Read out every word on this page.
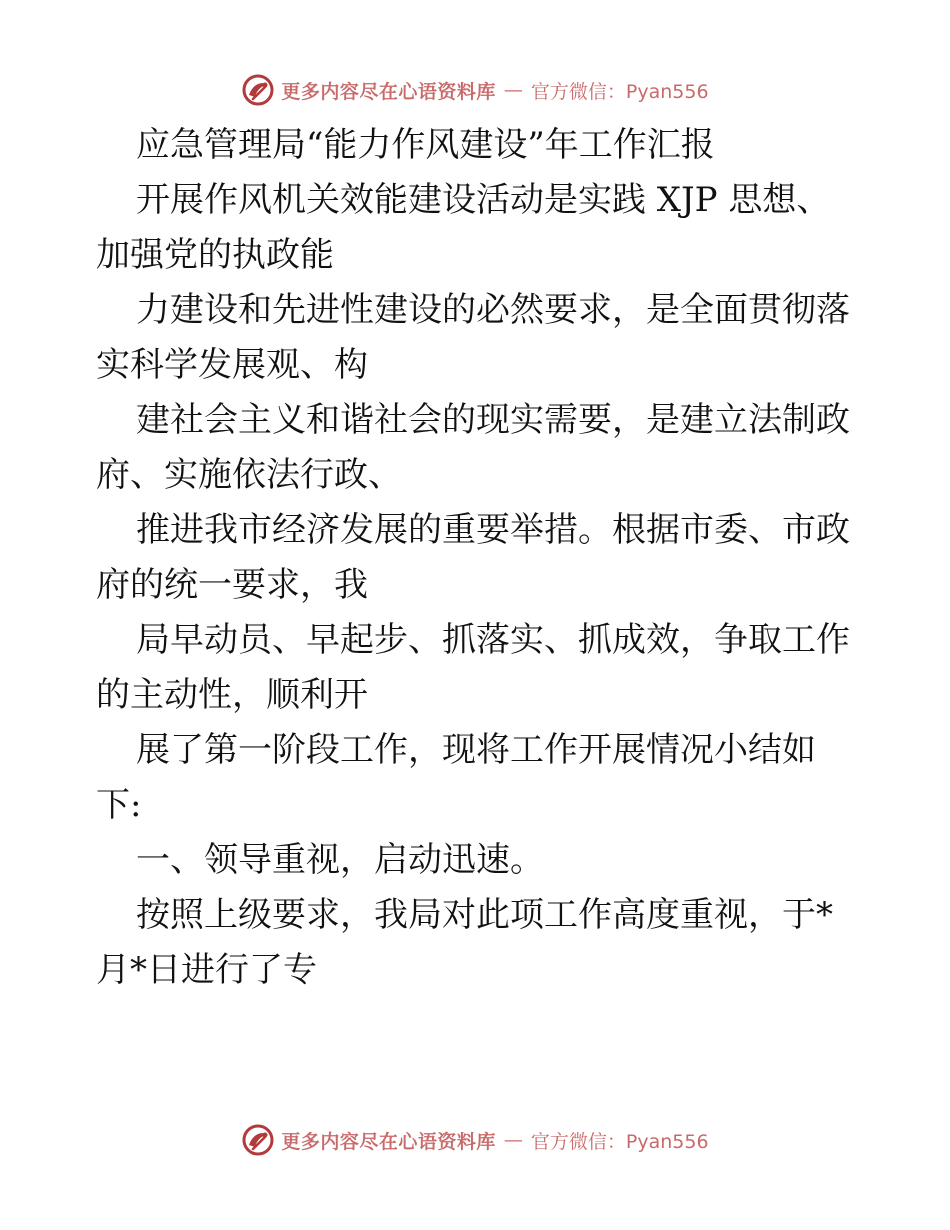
更多内容尽在心语资料库 — 官方微信：Pyan556
应急管理局“能力作风建设”年工作汇报
开展作风机关效能建设活动是实践 XJP 思想、
加强党的执政能
力建设和先进性建设的必然要求，是全面贯彻落
实科学发展观、构
建社会主义和谐社会的现实需要，是建立法制政
府、实施依法行政、
推进我市经济发展的重要举措。根据市委、市政
府的统一要求，我
局早动员、早起步、抓落实、抓成效，争取工作
的主动性，顺利开
展了第一阶段工作，现将工作开展情况小结如
下:
一、领导重视，启动迅速。
按照上级要求，我局对此项工作高度重视，于*
月*日进行了专
更多内容尽在心语资料库 — 官方微信：Pyan556
